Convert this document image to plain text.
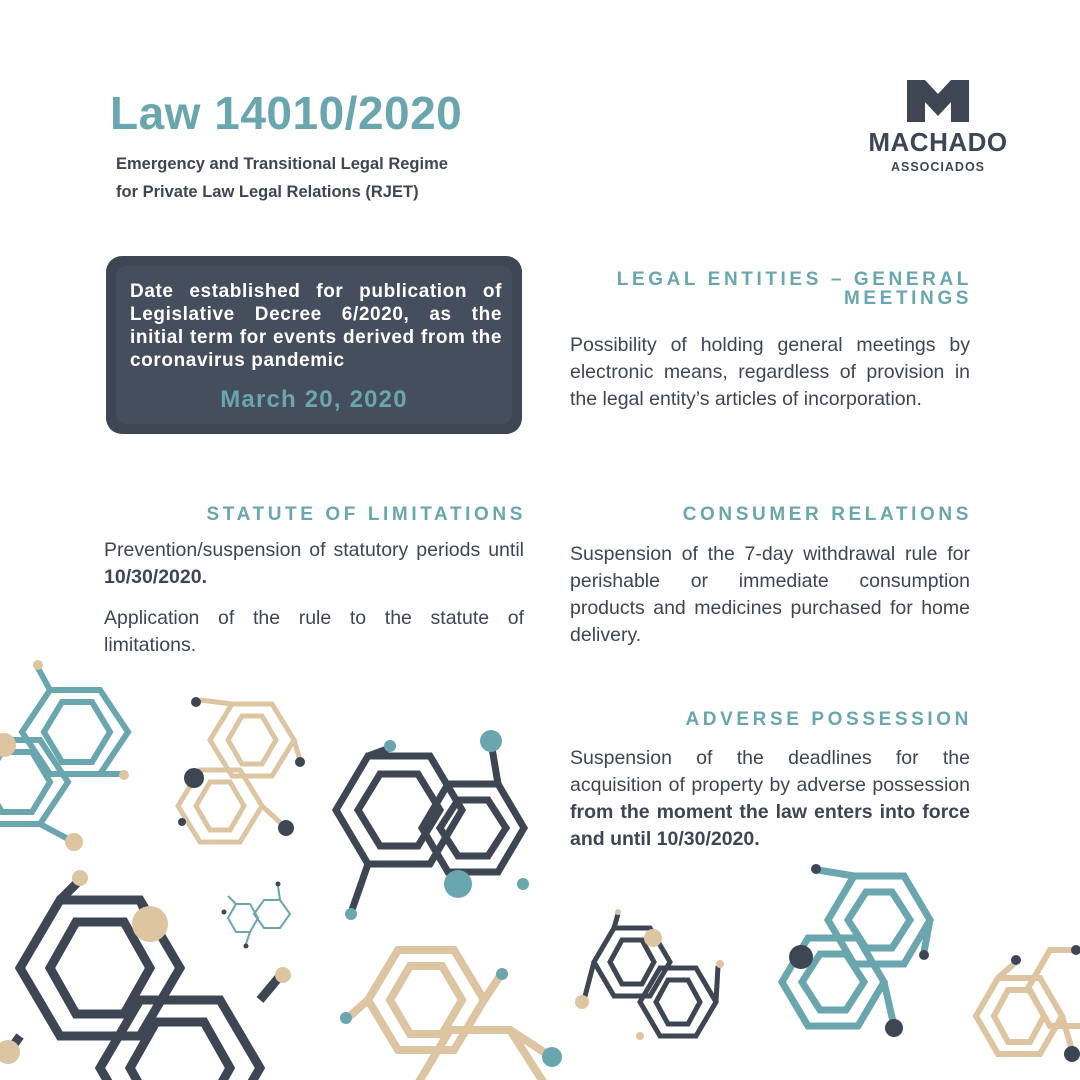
Law 14010/2020
Emergency and Transitional Legal Regime
for Private Law Legal Relations (RJET)
MACHADO
ASSOCIADOS
Date established for publication of Legislative Decree 6/2020, as the initial term for events derived from the coronavirus pandemic
March 20, 2020
LEGAL ENTITIES – GENERAL
MEETINGS

Possibility of holding general meetings by electronic means, regardless of provision in the legal entity’s articles of incorporation.

STATUTE OF LIMITATIONS

Prevention/suspension of statutory periods until 10/30/2020.

Application of the rule to the statute of limitations.

CONSUMER RELATIONS

Suspension of the 7-day withdrawal rule for perishable or immediate consumption products and medicines purchased for home delivery.

ADVERSE POSSESSION

Suspension of the deadlines for the acquisition of property by adverse possession from the moment the law enters into force and until 10/30/2020.
